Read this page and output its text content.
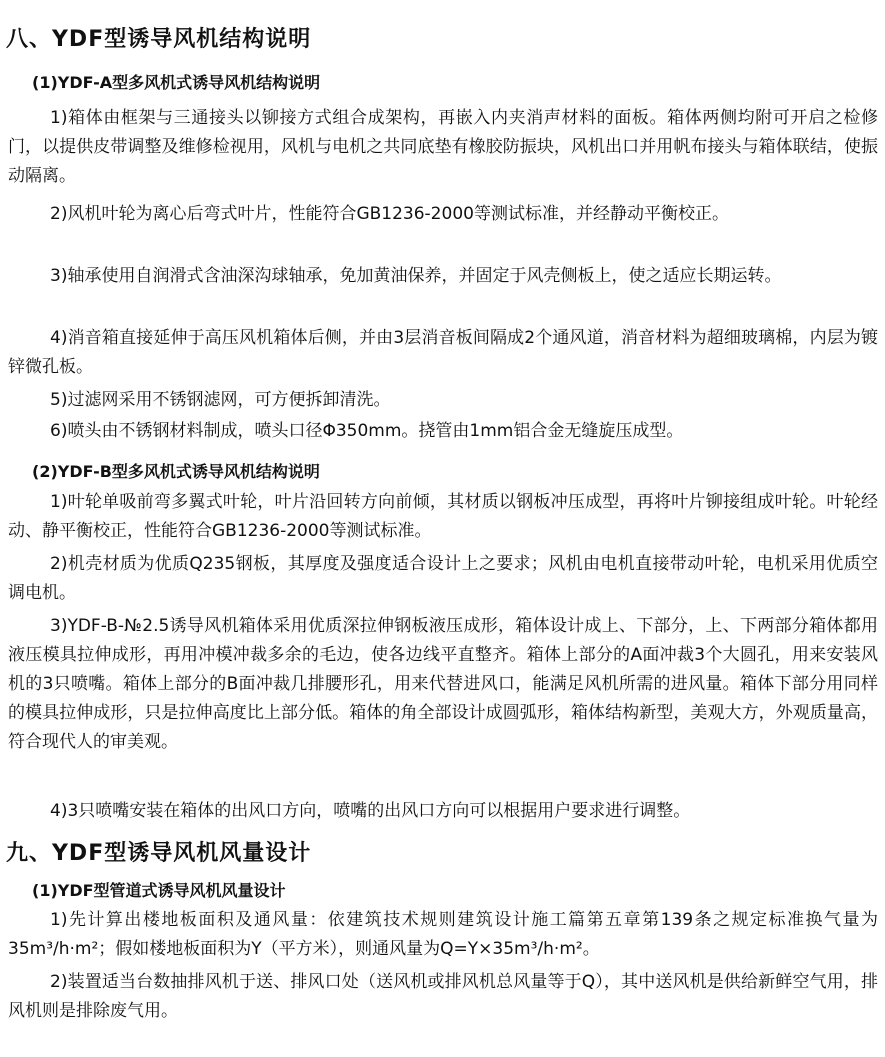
八、YDF型诱导风机结构说明
(1)YDF-A型多风机式诱导风机结构说明

1)箱体由框架与三通接头以铆接方式组合成架构，再嵌入内夹消声材料的面板。箱体两侧均附可开启之检修门，以提供皮带调整及维修检视用，风机与电机之共同底垫有橡胶防振块，风机出口并用帆布接头与箱体联结，使振动隔离。

2)风机叶轮为离心后弯式叶片，性能符合GB1236-2000等测试标准，并经静动平衡校正。

3)轴承使用自润滑式含油深沟球轴承，免加黄油保养，并固定于风壳侧板上，使之适应长期运转。

4)消音箱直接延伸于高压风机箱体后侧，并由3层消音板间隔成2个通风道，消音材料为超细玻璃棉，内层为镀锌微孔板。

5)过滤网采用不锈钢滤网，可方便拆卸清洗。

6)喷头由不锈钢材料制成，喷头口径Φ350mm。挠管由1mm铝合金无缝旋压成型。

(2)YDF-B型多风机式诱导风机结构说明

1)叶轮单吸前弯多翼式叶轮，叶片沿回转方向前倾，其材质以钢板冲压成型，再将叶片铆接组成叶轮。叶轮经动、静平衡校正，性能符合GB1236-2000等测试标准。

2)机壳材质为优质Q235钢板，其厚度及强度适合设计上之要求；风机由电机直接带动叶轮，电机采用优质空调电机。

3)YDF-B-№2.5诱导风机箱体采用优质深拉伸钢板液压成形，箱体设计成上、下部分，上、下两部分箱体都用液压模具拉伸成形，再用冲模冲裁多余的毛边，使各边线平直整齐。箱体上部分的A面冲裁3个大圆孔，用来安装风机的3只喷嘴。箱体上部分的B面冲裁几排腰形孔，用来代替进风口，能满足风机所需的进风量。箱体下部分用同样的模具拉伸成形，只是拉伸高度比上部分低。箱体的角全部设计成圆弧形，箱体结构新型，美观大方，外观质量高，符合现代人的审美观。

4)3只喷嘴安装在箱体的出风口方向，喷嘴的出风口方向可以根据用户要求进行调整。

九、YDF型诱导风机风量设计
(1)YDF型管道式诱导风机风量设计

1)先计算出楼地板面积及通风量：依建筑技术规则建筑设计施工篇第五章第139条之规定标准换气量为35m³/h·m²；假如楼地板面积为Y（平方米），则通风量为Q=Y×35m³/h·m²。

2)装置适当台数抽排风机于送、排风口处（送风机或排风机总风量等于Q），其中送风机是供给新鲜空气用，排风机则是排除废气用。
